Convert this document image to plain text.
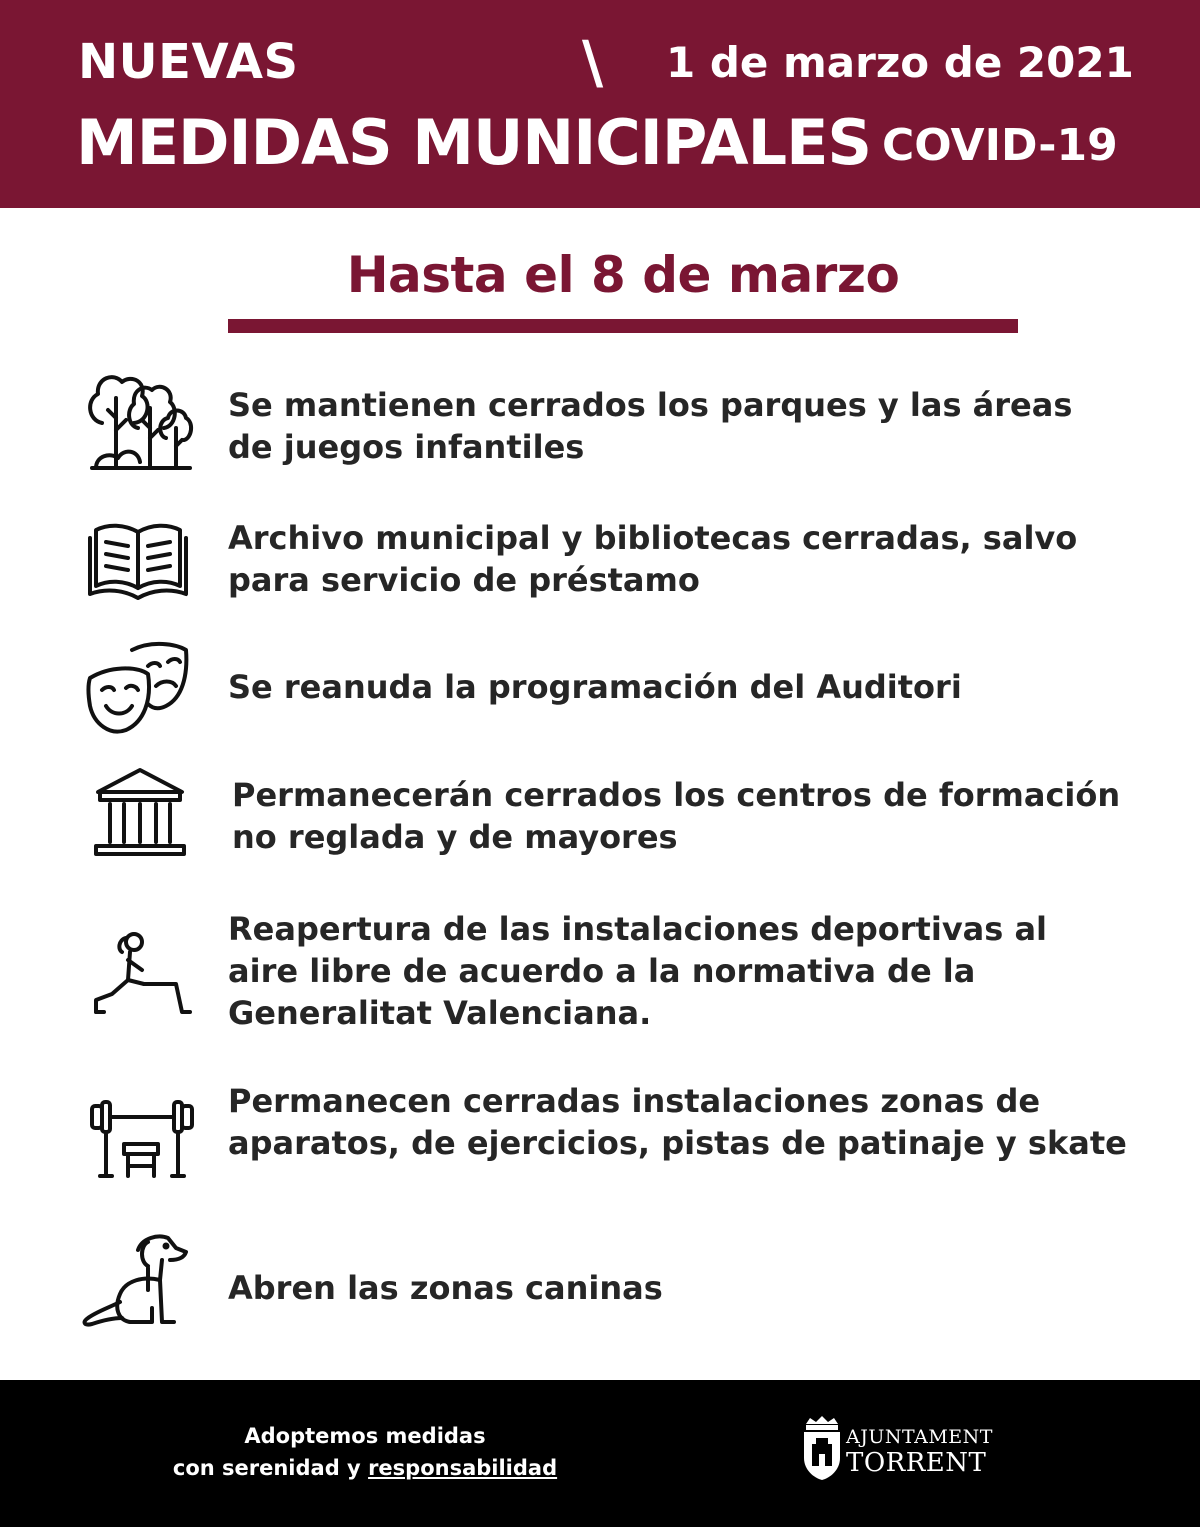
NUEVAS	\ 1 de marzo de 2021
MEDIDAS MUNICIPALES COVID-19
Hasta el 8 de marzo
Se mantienen cerrados los parques y las áreas de juegos infantiles
Archivo municipal y bibliotecas cerradas, salvo para servicio de préstamo
Se reanuda la programación del Auditori
Permanecerán cerrados los centros de formación no reglada y de mayores
Reapertura de las instalaciones deportivas al aire libre de acuerdo a la normativa de la Generalitat Valenciana.
Permanecen cerradas instalaciones zonas de aparatos, de ejercicios, pistas de patinaje y skate
Abren las zonas caninas
Adoptemos medidas
con serenidad y responsabilidad
AJUNTAMENT
TORRENT
